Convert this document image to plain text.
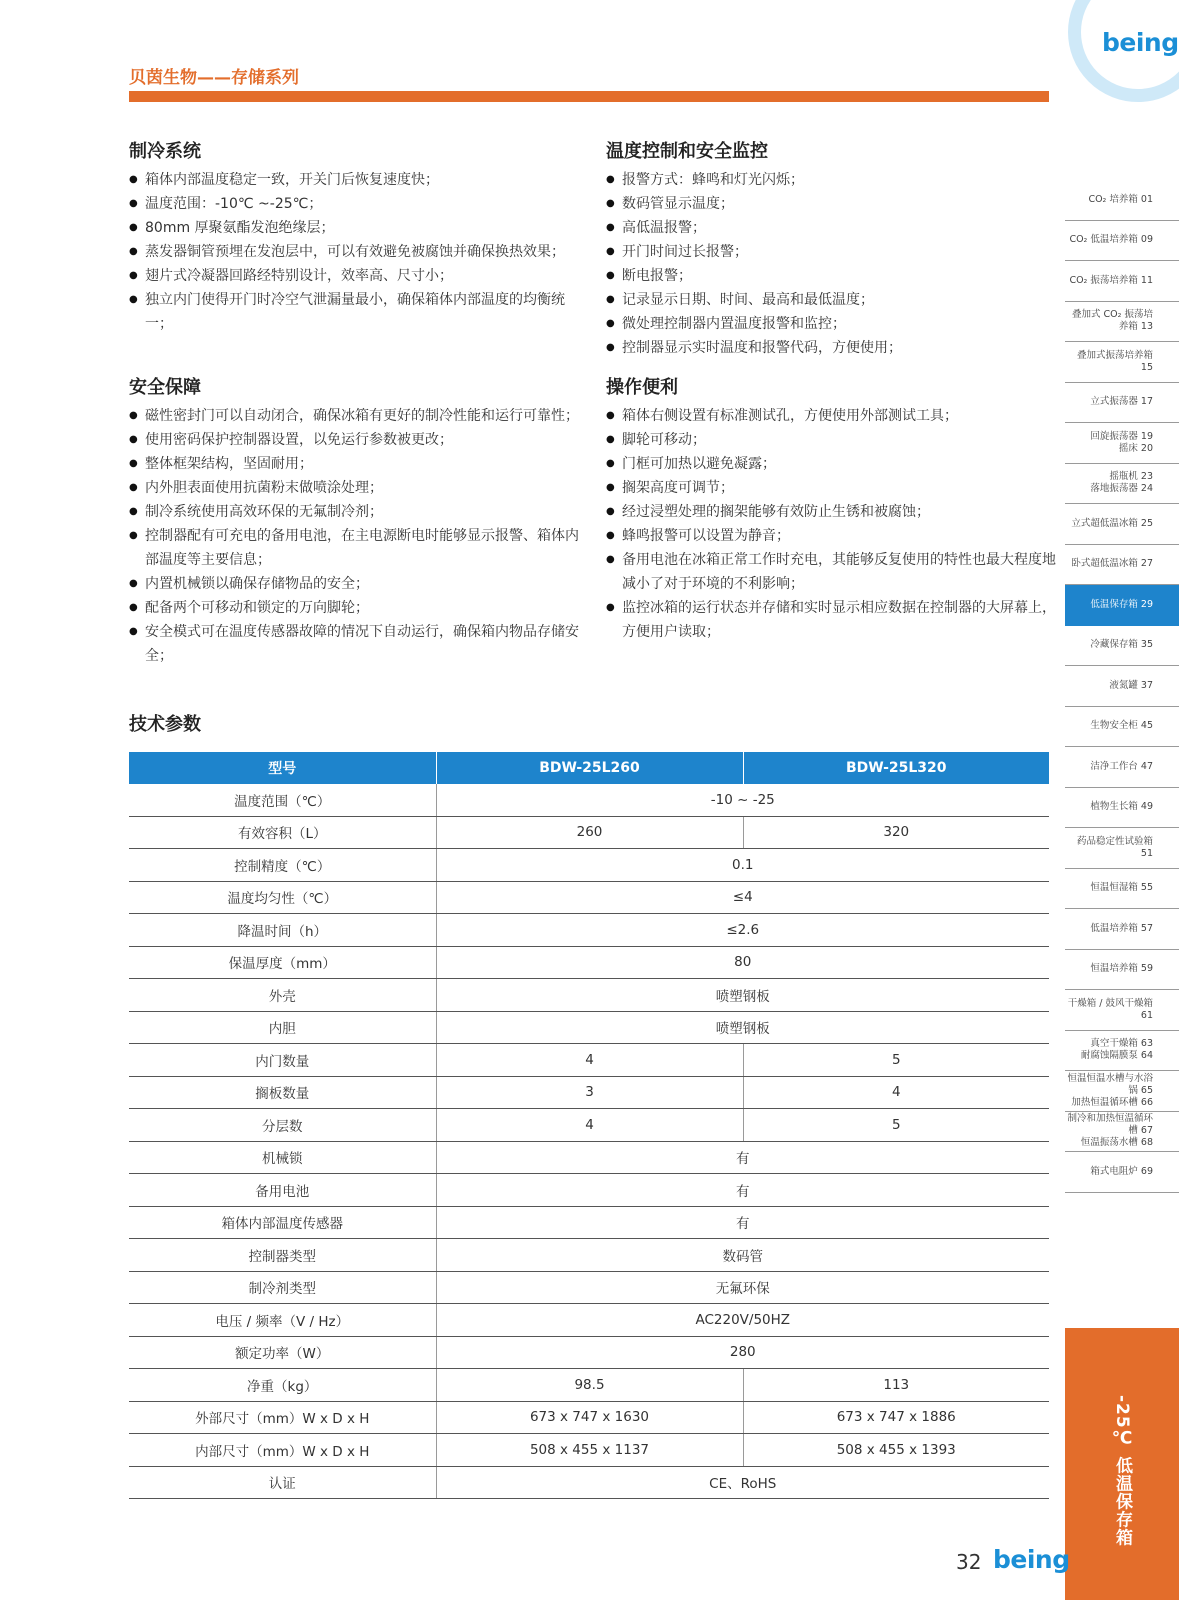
being
贝茵生物——存储系列
制冷系统
● 箱体内部温度稳定一致，开关门后恢复速度快；
● 温度范围：-10℃ ~-25℃；
● 80mm 厚聚氨酯发泡绝缘层；
● 蒸发器铜管预埋在发泡层中，可以有效避免被腐蚀并确保换热效果；
● 翅片式冷凝器回路经特别设计，效率高、尺寸小；
● 独立内门使得开门时冷空气泄漏量最小，确保箱体内部温度的均衡统一；
温度控制和安全监控
● 报警方式：蜂鸣和灯光闪烁；
● 数码管显示温度；
● 高低温报警；
● 开门时间过长报警；
● 断电报警；
● 记录显示日期、时间、最高和最低温度；
● 微处理控制器内置温度报警和监控；
● 控制器显示实时温度和报警代码，方便使用；
安全保障
● 磁性密封门可以自动闭合，确保冰箱有更好的制冷性能和运行可靠性；
● 使用密码保护控制器设置，以免运行参数被更改；
● 整体框架结构，坚固耐用；
● 内外胆表面使用抗菌粉末做喷涂处理；
● 制冷系统使用高效环保的无氟制冷剂；
● 控制器配有可充电的备用电池，在主电源断电时能够显示报警、箱体内部温度等主要信息；
● 内置机械锁以确保存储物品的安全；
● 配备两个可移动和锁定的万向脚轮；
● 安全模式可在温度传感器故障的情况下自动运行，确保箱内物品存储安全；
操作便利
● 箱体右侧设置有标准测试孔，方便使用外部测试工具；
● 脚轮可移动；
● 门框可加热以避免凝露；
● 搁架高度可调节；
● 经过浸塑处理的搁架能够有效防止生锈和被腐蚀；
● 蜂鸣报警可以设置为静音；
● 备用电池在冰箱正常工作时充电，其能够反复使用的特性也最大程度地减小了对于环境的不利影响；
● 监控冰箱的运行状态并存储和实时显示相应数据在控制器的大屏幕上，方便用户读取；
技术参数
型号	BDW-25L260	BDW-25L320
温度范围（℃）	-10 ~ -25	
有效容积（L）	260	320
控制精度（℃）	0.1	
温度均匀性（℃）	≤4	
降温时间（h）	≤2.6	
保温厚度（mm）	80	
外壳	喷塑钢板	
内胆	喷塑钢板	
内门数量	4	5
搁板数量	3	4
分层数	4	5
机械锁	有	
备用电池	有	
箱体内部温度传感器	有	
控制器类型	数码管	
制冷剂类型	无氟环保	
电压 / 频率（V / Hz）	AC220V/50HZ	
额定功率（W）	280	
净重（kg）	98.5	113
外部尺寸（mm）W x D x H	673 x 747 x 1630	673 x 747 x 1886
内部尺寸（mm）W x D x H	508 x 455 x 1137	508 x 455 x 1393
认证	CE、RoHS	
CO₂ 培养箱 01
CO₂ 低温培养箱 09
CO₂ 振荡培养箱 11
叠加式 CO₂ 振荡培养箱 13
叠加式振荡培养箱 15
立式振荡器 17
回旋振荡器 19
摇床 20
摇瓶机 23
落地振荡器 24
立式超低温冰箱 25
卧式超低温冰箱 27
低温保存箱 29
冷藏保存箱 35
液氮罐 37
生物安全柜 45
洁净工作台 47
植物生长箱 49
药品稳定性试验箱 51
恒温恒湿箱 55
低温培养箱 57
恒温培养箱 59
干燥箱 / 鼓风干燥箱 61
真空干燥箱 63
耐腐蚀隔膜泵 64
恒温恒温水槽与水浴锅 65
加热恒温循环槽 66
制冷和加热恒温循环槽 67
恒温振荡水槽 68
箱式电阻炉 69
-25℃ 低温保存箱
32 being
